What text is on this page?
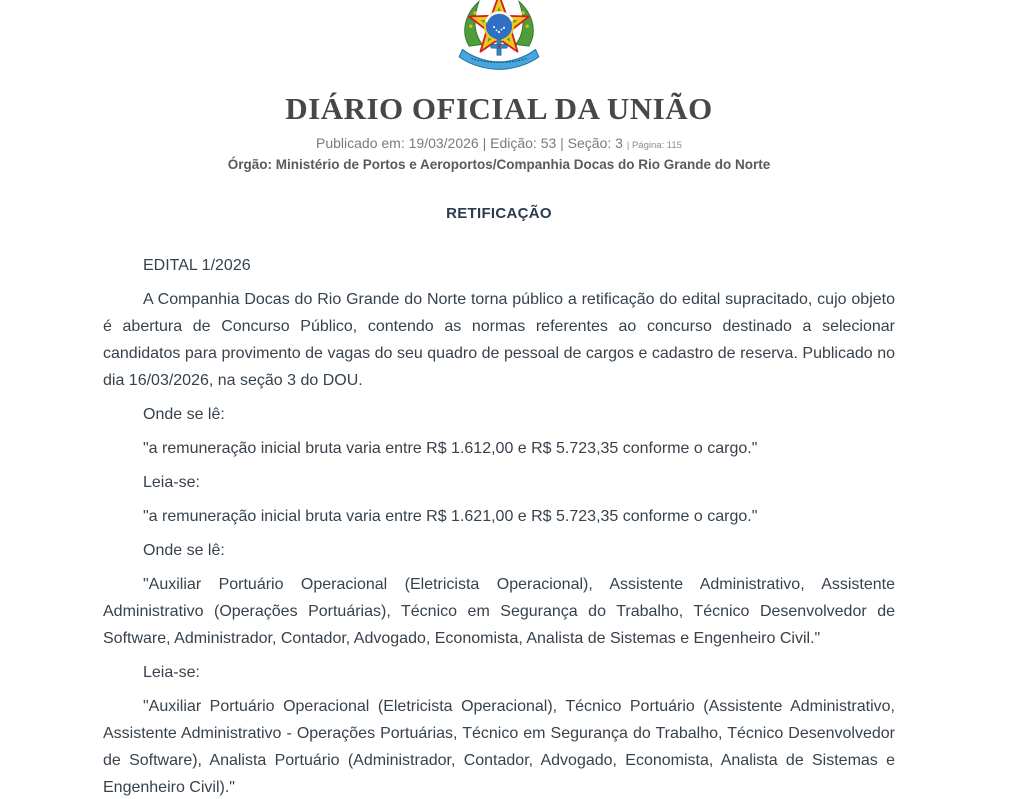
DIÁRIO OFICIAL DA UNIÃO

Publicado em: 19/03/2026 | Edição: 53 | Seção: 3 | Página: 115

Órgão: Ministério de Portos e Aeroportos/Companhia Docas do Rio Grande do Norte

RETIFICAÇÃO

EDITAL 1/2026

A Companhia Docas do Rio Grande do Norte torna público a retificação do edital supracitado, cujo objeto é abertura de Concurso Público, contendo as normas referentes ao concurso destinado a selecionar candidatos para provimento de vagas do seu quadro de pessoal de cargos e cadastro de reserva. Publicado no dia 16/03/2026, na seção 3 do DOU.

Onde se lê:

"a remuneração inicial bruta varia entre R$ 1.612,00 e R$ 5.723,35 conforme o cargo."

Leia-se:

"a remuneração inicial bruta varia entre R$ 1.621,00 e R$ 5.723,35 conforme o cargo."

Onde se lê:

"Auxiliar Portuário Operacional (Eletricista Operacional), Assistente Administrativo, Assistente Administrativo (Operações Portuárias), Técnico em Segurança do Trabalho, Técnico Desenvolvedor de Software, Administrador, Contador, Advogado, Economista, Analista de Sistemas e Engenheiro Civil."

Leia-se:

"Auxiliar Portuário Operacional (Eletricista Operacional), Técnico Portuário (Assistente Administrativo, Assistente Administrativo - Operações Portuárias, Técnico em Segurança do Trabalho, Técnico Desenvolvedor de Software), Analista Portuário (Administrador, Contador, Advogado, Economista, Analista de Sistemas e Engenheiro Civil)."
